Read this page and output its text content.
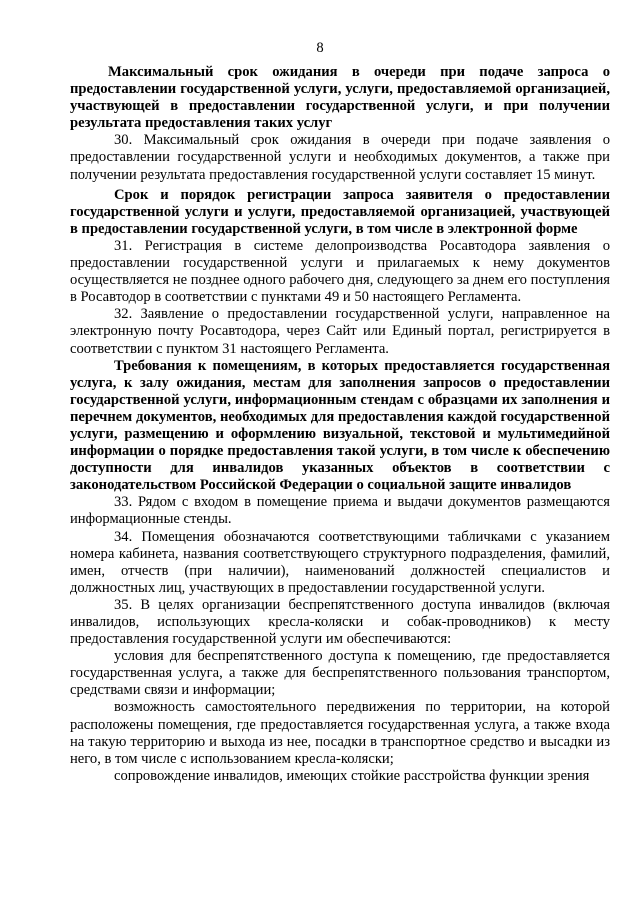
8

Максимальный срок ожидания в очереди при подаче запроса о предоставлении государственной услуги, услуги, предоставляемой организацией, участвующей в предоставлении государственной услуги, и при получении результата предоставления таких услуг

30. Максимальный срок ожидания в очереди при подаче заявления о предоставлении государственной услуги и необходимых документов, а также при получении результата предоставления государственной услуги составляет 15 минут.

Срок и порядок регистрации запроса заявителя о предоставлении государственной услуги и услуги, предоставляемой организацией, участвующей в предоставлении государственной услуги, в том числе в электронной форме

31. Регистрация в системе делопроизводства Росавтодора заявления о предоставлении государственной услуги и прилагаемых к нему документов осуществляется не позднее одного рабочего дня, следующего за днем его поступления в Росавтодор в соответствии с пунктами 49 и 50 настоящего Регламента.

32. Заявление о предоставлении государственной услуги, направленное на электронную почту Росавтодора, через Сайт или Единый портал, регистрируется в соответствии с пунктом 31 настоящего Регламента.

Требования к помещениям, в которых предоставляется государственная услуга, к залу ожидания, местам для заполнения запросов о предоставлении государственной услуги, информационным стендам с образцами их заполнения и перечнем документов, необходимых для предоставления каждой государственной услуги, размещению и оформлению визуальной, текстовой и мультимедийной информации о порядке предоставления такой услуги, в том числе к обеспечению доступности для инвалидов указанных объектов в соответствии с законодательством Российской Федерации о социальной защите инвалидов

33. Рядом с входом в помещение приема и выдачи документов размещаются информационные стенды.

34. Помещения обозначаются соответствующими табличками с указанием номера кабинета, названия соответствующего структурного подразделения, фамилий, имен, отчеств (при наличии), наименований должностей специалистов и должностных лиц, участвующих в предоставлении государственной услуги.

35. В целях организации беспрепятственного доступа инвалидов (включая инвалидов, использующих кресла-коляски и собак-проводников) к месту предоставления государственной услуги им обеспечиваются:

условия для беспрепятственного доступа к помещению, где предоставляется государственная услуга, а также для беспрепятственного пользования транспортом, средствами связи и информации;

возможность самостоятельного передвижения по территории, на которой расположены помещения, где предоставляется государственная услуга, а также входа на такую территорию и выхода из нее, посадки в транспортное средство и высадки из него, в том числе с использованием кресла-коляски;

сопровождение инвалидов, имеющих стойкие расстройства функции зрения
